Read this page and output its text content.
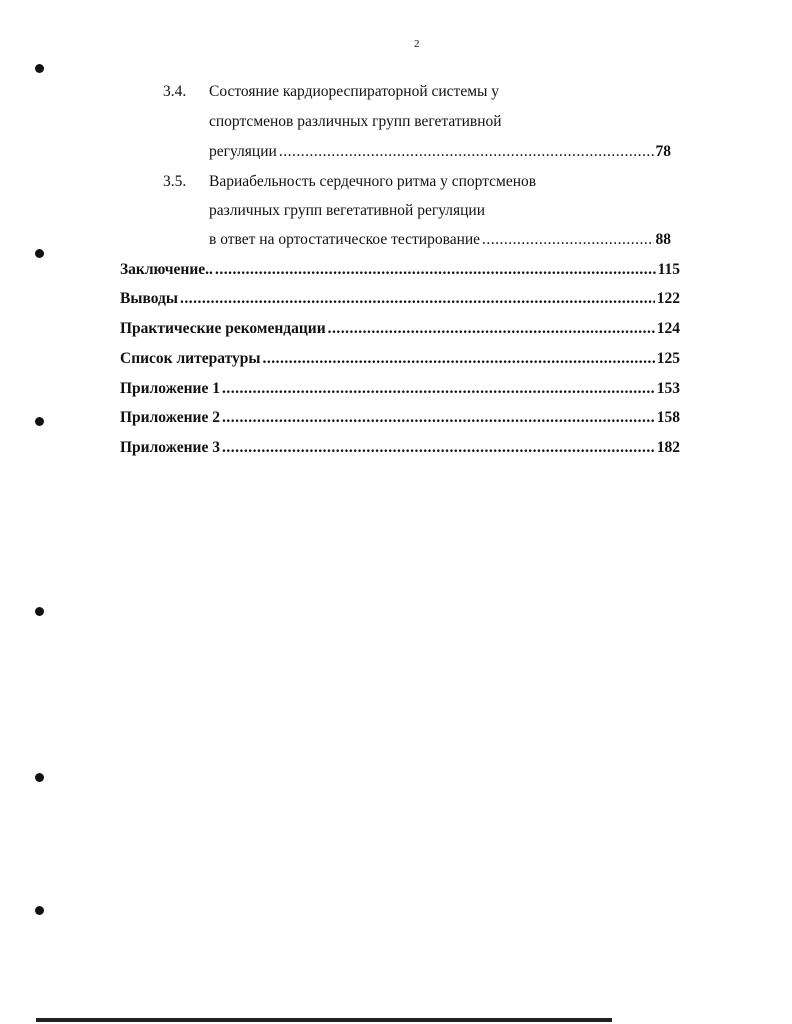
2
3.4. Состояние кардиореспираторной системы у
спортсменов различных групп вегетативной
регуляции .....	78
3.5. Вариабельность сердечного ритма у спортсменов
различных групп вегетативной регуляции
в ответ на ортостатическое тестирование .....	88
Заключение.. .....	115
Выводы .....	122
Практические рекомендации .....	124
Список литературы .....	125
Приложение 1 .....	153
Приложение 2 .....	158
Приложение 3 .....	182
